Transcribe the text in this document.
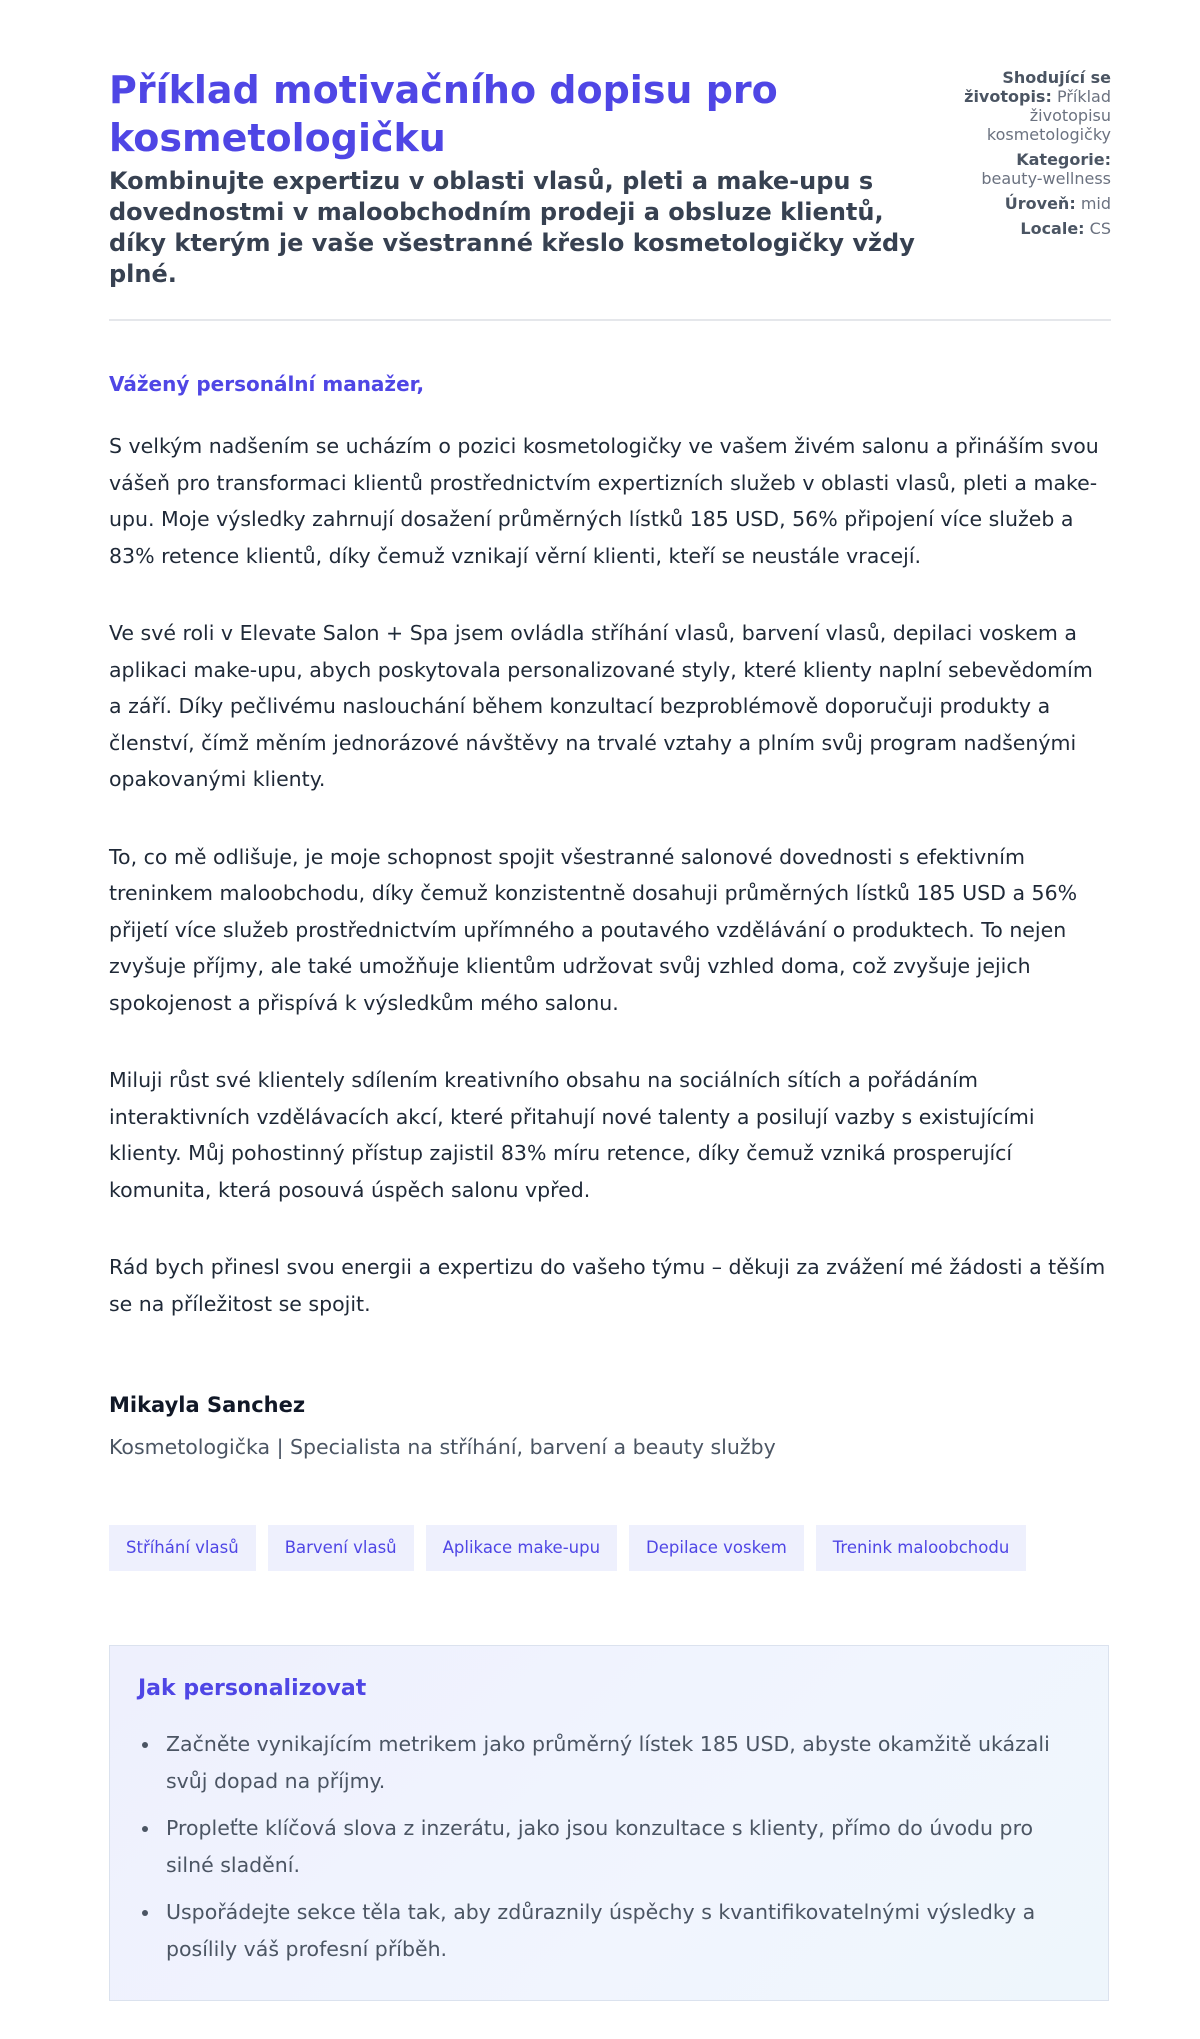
Příklad motivačního dopisu pro kosmetologičku
Kombinujte expertizu v oblasti vlasů, pleti a make-upu s dovednostmi v maloobchodním prodeji a obsluze klientů, díky kterým je vaše všestranné křeslo kosmetologičky vždy plné.
Shodující se životopis: Příklad životopisu kosmetologičky
Kategorie:
beauty-wellness
Úroveň: mid
Locale: CS

Vážený personální manažer,

S velkým nadšením se ucházím o pozici kosmetologičky ve vašem živém salonu a přináším svou vášeň pro transformaci klientů prostřednictvím expertizních služeb v oblasti vlasů, pleti a make-upu. Moje výsledky zahrnují dosažení průměrných lístků 185 USD, 56% připojení více služeb a 83% retence klientů, díky čemuž vznikají věrní klienti, kteří se neustále vracejí.

Ve své roli v Elevate Salon + Spa jsem ovládla stříhání vlasů, barvení vlasů, depilaci voskem a aplikaci make-upu, abych poskytovala personalizované styly, které klienty naplní sebevědomím a září. Díky pečlivému naslouchání během konzultací bezproblémově doporučuji produkty a členství, čímž měním jednorázové návštěvy na trvalé vztahy a plním svůj program nadšenými opakovanými klienty.

To, co mě odlišuje, je moje schopnost spojit všestranné salonové dovednosti s efektivním treninkem maloobchodu, díky čemuž konzistentně dosahuji průměrných lístků 185 USD a 56% přijetí více služeb prostřednictvím upřímného a poutavého vzdělávání o produktech. To nejen zvyšuje příjmy, ale také umožňuje klientům udržovat svůj vzhled doma, což zvyšuje jejich spokojenost a přispívá k výsledkům mého salonu.

Miluji růst své klientely sdílením kreativního obsahu na sociálních sítích a pořádáním interaktivních vzdělávacích akcí, které přitahují nové talenty a posilují vazby s existujícími klienty. Můj pohostinný přístup zajistil 83% míru retence, díky čemuž vzniká prosperující komunita, která posouvá úspěch salonu vpřed.

Rád bych přinesl svou energii a expertizu do vašeho týmu – děkuji za zvážení mé žádosti a těším se na příležitost se spojit.

Mikayla Sanchez

Kosmetologička | Specialista na stříhání, barvení a beauty služby

Stříhání vlasů	Barvení vlasů	Aplikace make-upu	Depilace voskem	Trenink maloobchodu
Jak personalizovat
Začněte vynikajícím metrikem jako průměrný lístek 185 USD, abyste okamžitě ukázali svůj dopad na příjmy.
Propleťte klíčová slova z inzerátu, jako jsou konzultace s klienty, přímo do úvodu pro silné sladění.
Uspořádejte sekce těla tak, aby zdůraznily úspěchy s kvantifikovatelnými výsledky a posílily váš profesní příběh.
